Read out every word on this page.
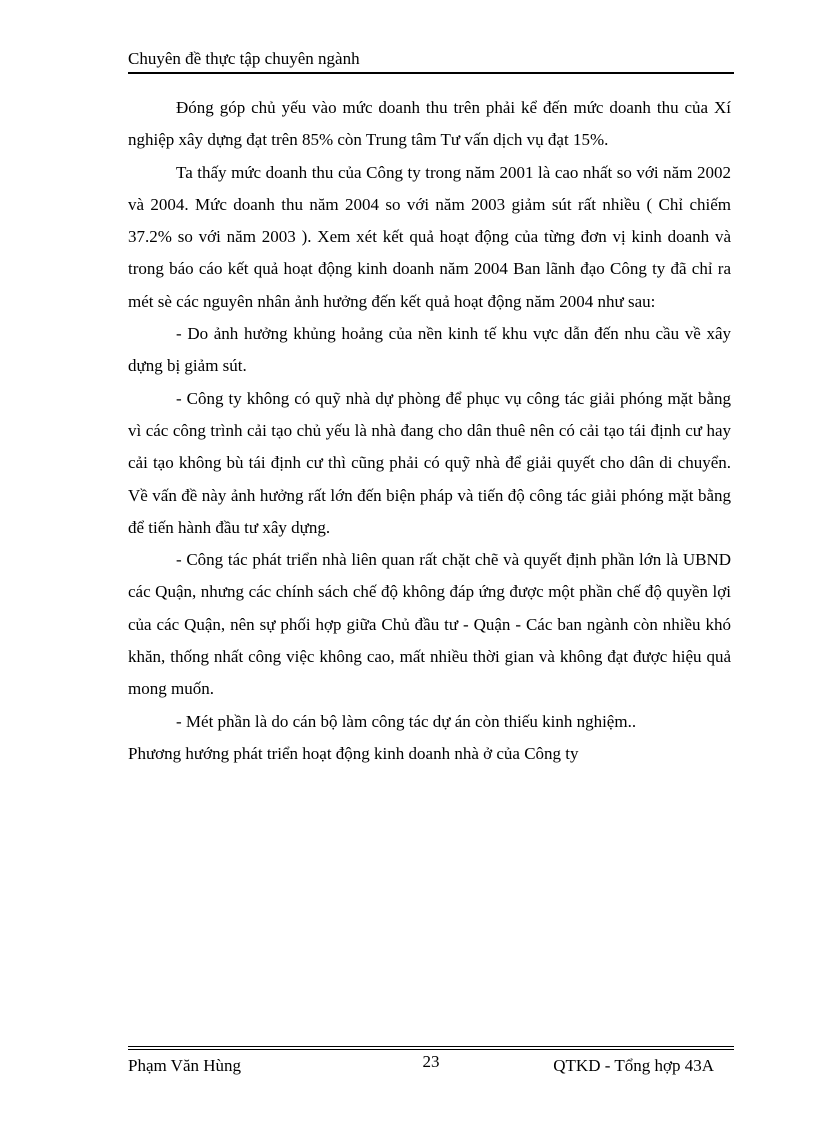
Chuyên đề thực tập chuyên ngành

Đóng góp chủ yếu vào mức doanh thu trên phải kể đến mức doanh thu của Xí nghiệp xây dựng đạt trên 85% còn Trung tâm Tư vấn dịch vụ đạt 15%.

Ta thấy mức doanh thu của Công ty trong năm 2001 là cao nhất so với năm 2002 và 2004. Mức doanh thu năm 2004 so với năm 2003 giảm sút rất nhiều ( Chỉ chiếm 37.2% so với năm 2003 ). Xem xét kết quả hoạt động của từng đơn vị kinh doanh và trong báo cáo kết quả hoạt động kinh doanh năm 2004 Ban lãnh đạo Công ty đã chỉ ra mét sè các nguyên nhân ảnh hưởng đến kết quả hoạt động năm 2004 như sau:

- Do ảnh hưởng khủng hoảng của nền kinh tế khu vực dẫn đến nhu cầu về xây dựng bị giảm sút.

- Công ty không có quỹ nhà dự phòng để phục vụ công tác giải phóng mặt bằng vì các công trình cải tạo chủ yếu là nhà đang cho dân thuê nên có cải tạo tái định cư hay cải tạo không bù tái định cư thì cũng phải có quỹ nhà để giải quyết cho dân di chuyển. Về vấn đề này ảnh hưởng rất lớn đến biện pháp và tiến độ công tác giải phóng mặt bằng để tiến hành đầu tư xây dựng.

- Công tác phát triển nhà liên quan rất chặt chẽ và quyết định phần lớn là UBND các Quận, nhưng các chính sách chế độ không đáp ứng được một phần chế độ quyền lợi của các Quận, nên sự phối hợp giữa Chủ đầu tư - Quận - Các ban ngành còn nhiều khó khăn, thống nhất công việc không cao, mất nhiều thời gian và không đạt được hiệu quả mong muốn.

- Mét phần là do cán bộ làm công tác dự án còn thiếu kinh nghiệm..

Phương hướng phát triển hoạt động kinh doanh nhà ở của Công ty
Phạm Văn Hùng	23	QTKD - Tổng hợp 43A
